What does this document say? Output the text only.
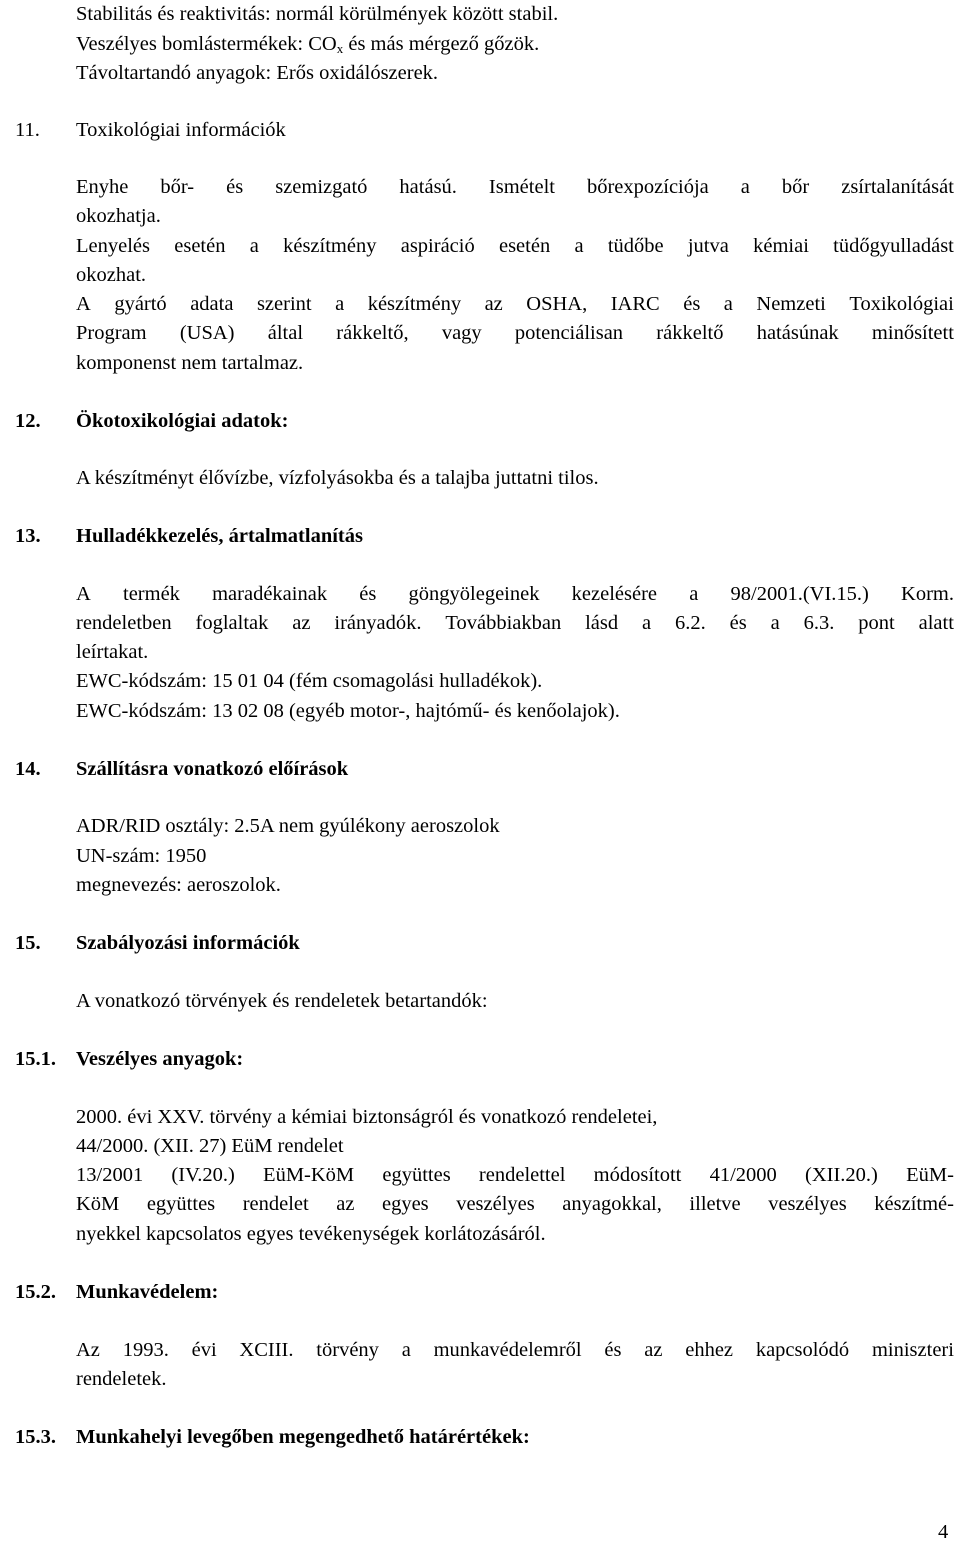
Stabilitás és reaktivitás: normál körülmények között stabil.
Veszélyes bomlástermékek: $CO_x$ és más mérgező gőzök.
Távoltartandó anyagok: Erős oxidálószerek.
11. Toxikológiai információk
Enyhe bőr- és szemizgató hatású. Ismételt bőrexpozíciója a bőr zsírtalanítását
okozhatja.
Lenyelés esetén a készítmény aspiráció esetén a tüdőbe jutva kémiai tüdőgyulladást
okozhat.
A gyártó adata szerint a készítmény az OSHA, IARC és a Nemzeti Toxikológiai
Program (USA) által rákkeltő, vagy potenciálisan rákkeltő hatásúnak minősített
komponenst nem tartalmaz.
12. Ökotoxikológiai adatok:
A készítményt élővízbe, vízfolyásokba és a talajba juttatni tilos.
13. Hulladékkezelés, ártalmatlanítás
A termék maradékainak és göngyölegeinek kezelésére a 98/2001.(VI.15.) Korm.
rendeletben foglaltak az irányadók. Továbbiakban lásd a 6.2. és a 6.3. pont alatt
leírtakat.
EWC-kódszám: 15 01 04 (fém csomagolási hulladékok).
EWC-kódszám: 13 02 08 (egyéb motor-, hajtómű- és kenőolajok).
14. Szállításra vonatkozó előírások
ADR/RID osztály: 2.5A nem gyúlékony aeroszolok
UN-szám: 1950
megnevezés: aeroszolok.
15. Szabályozási információk
A vonatkozó törvények és rendeletek betartandók:
15.1. Veszélyes anyagok:
2000. évi XXV. törvény a kémiai biztonságról és vonatkozó rendeletei,
44/2000. (XII. 27) EüM rendelet
13/2001 (IV.20.) EüM-KöM együttes rendelettel módosított 41/2000 (XII.20.) EüM-
KöM együttes rendelet az egyes veszélyes anyagokkal, illetve veszélyes készítmé-
nyekkel kapcsolatos egyes tevékenységek korlátozásáról.
15.2. Munkavédelem:
Az 1993. évi XCIII. törvény a munkavédelemről és az ehhez kapcsolódó miniszteri
rendeletek.
15.3. Munkahelyi levegőben megengedhető határértékek:
4
